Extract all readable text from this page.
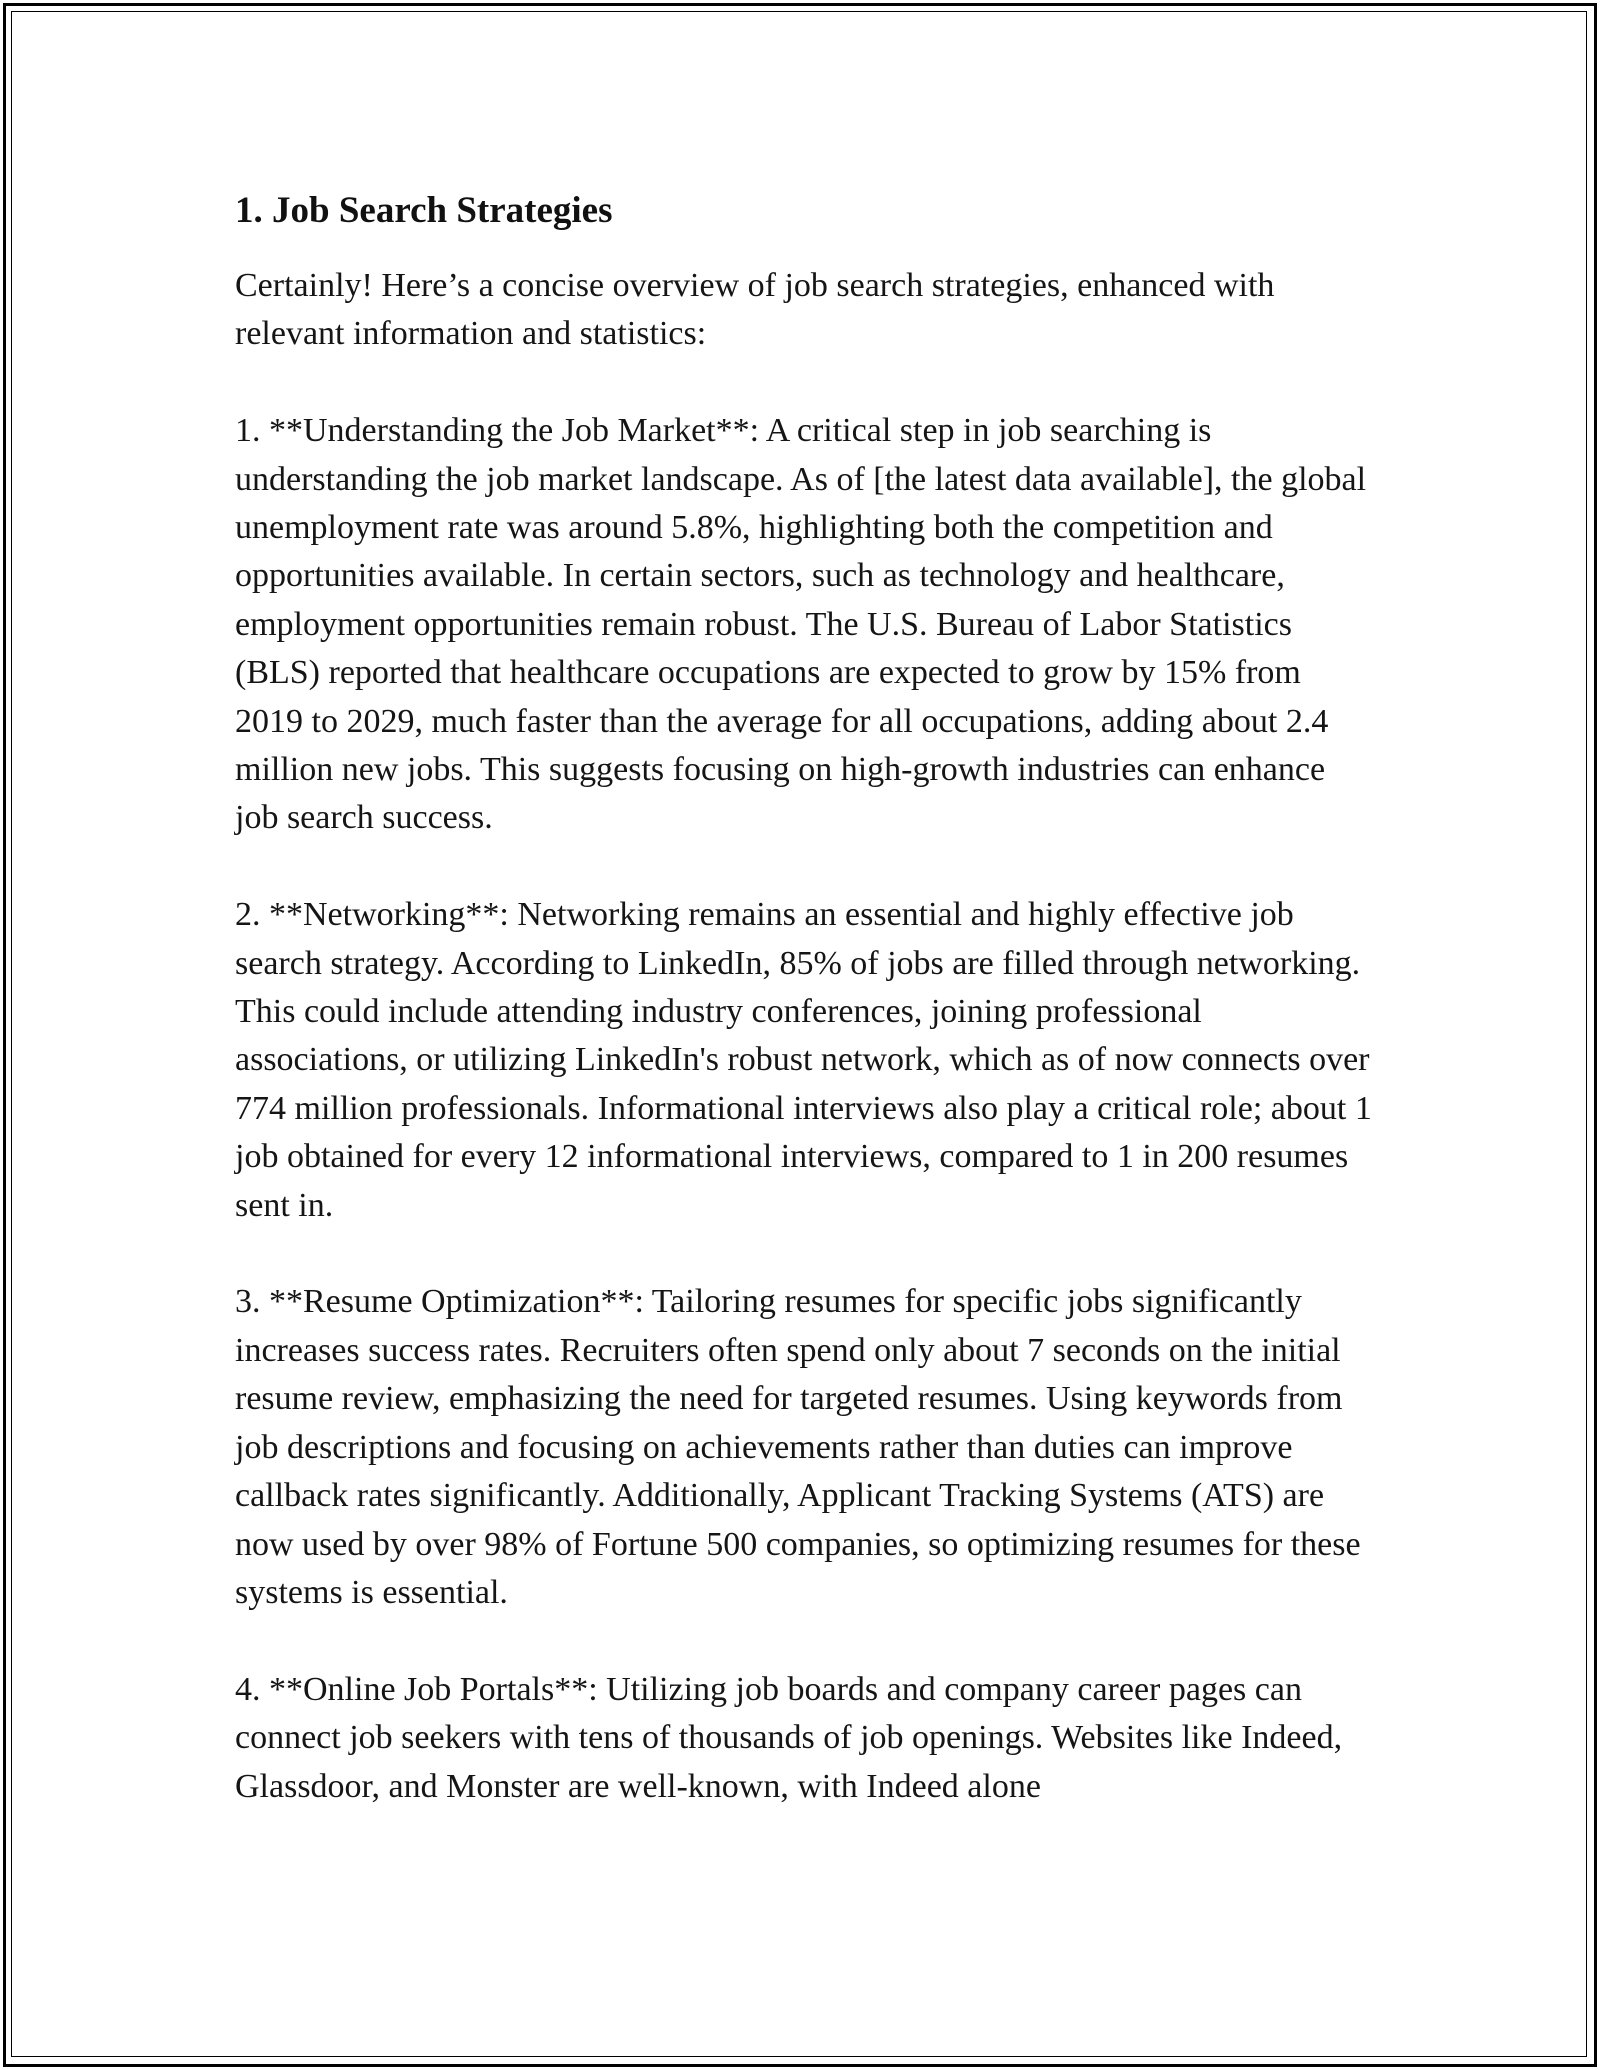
1. Job Search Strategies

Certainly! Here’s a concise overview of job search strategies, enhanced with relevant information and statistics:

1. **Understanding the Job Market**: A critical step in job searching is understanding the job market landscape. As of [the latest data available], the global unemployment rate was around 5.8%, highlighting both the competition and opportunities available. In certain sectors, such as technology and healthcare, employment opportunities remain robust. The U.S. Bureau of Labor Statistics (BLS) reported that healthcare occupations are expected to grow by 15% from 2019 to 2029, much faster than the average for all occupations, adding about 2.4 million new jobs. This suggests focusing on high-growth industries can enhance job search success.

2. **Networking**: Networking remains an essential and highly effective job search strategy. According to LinkedIn, 85% of jobs are filled through networking. This could include attending industry conferences, joining professional associations, or utilizing LinkedIn's robust network, which as of now connects over 774 million professionals. Informational interviews also play a critical role; about 1 job obtained for every 12 informational interviews, compared to 1 in 200 resumes sent in.

3. **Resume Optimization**: Tailoring resumes for specific jobs significantly increases success rates. Recruiters often spend only about 7 seconds on the initial resume review, emphasizing the need for targeted resumes. Using keywords from job descriptions and focusing on achievements rather than duties can improve callback rates significantly. Additionally, Applicant Tracking Systems (ATS) are now used by over 98% of Fortune 500 companies, so optimizing resumes for these systems is essential.

4. **Online Job Portals**: Utilizing job boards and company career pages can connect job seekers with tens of thousands of job openings. Websites like Indeed, Glassdoor, and Monster are well-known, with Indeed alone
